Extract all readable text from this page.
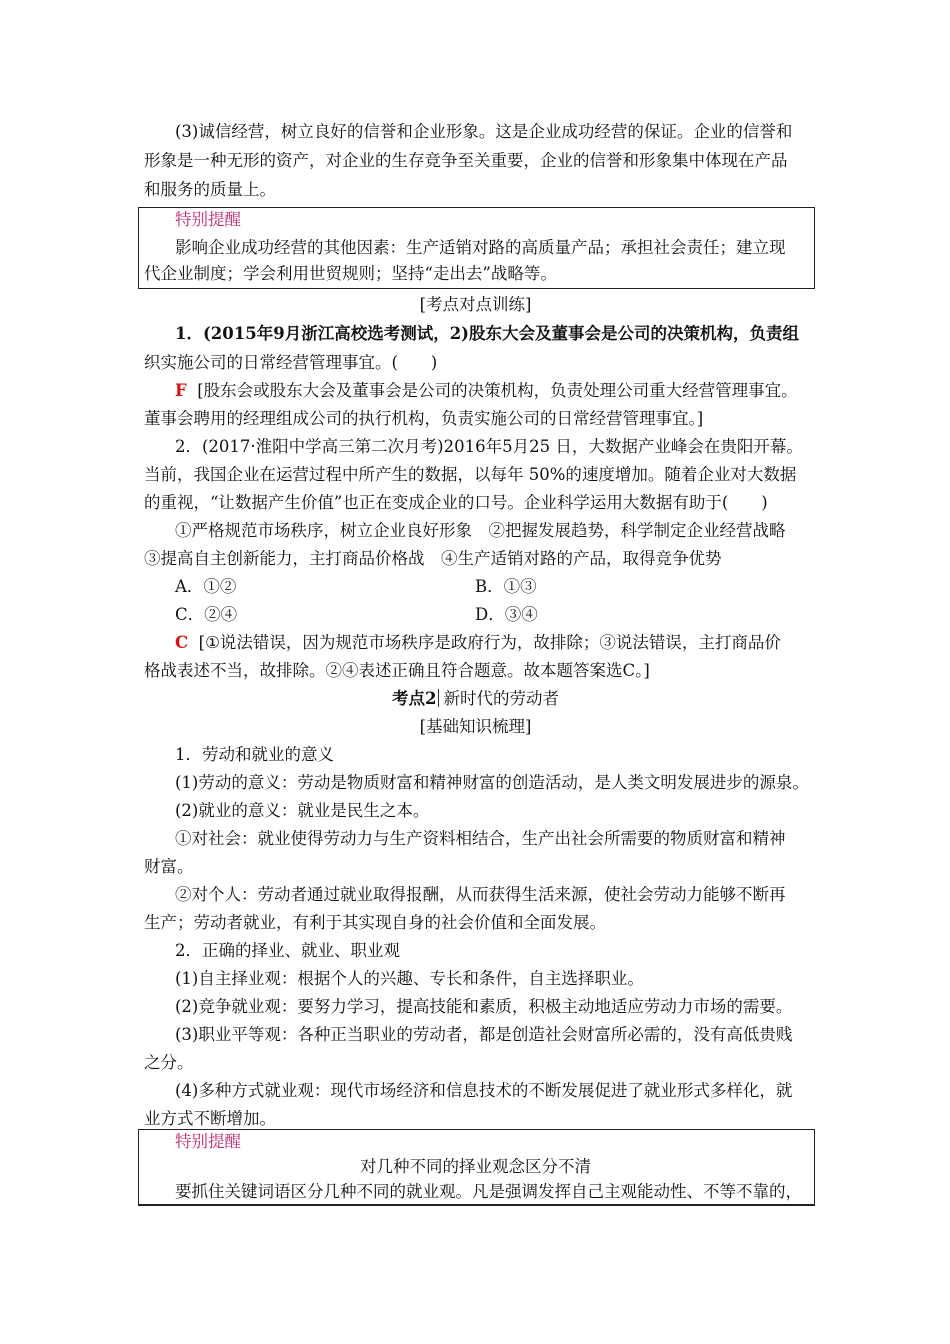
(3)诚信经营，树立良好的信誉和企业形象。这是企业成功经营的保证。企业的信誉和
形象是一种无形的资产，对企业的生存竞争至关重要，企业的信誉和形象集中体现在产品
和服务的质量上。
特别提醒
影响企业成功经营的其他因素：生产适销对路的高质量产品；承担社会责任；建立现
代企业制度；学会利用世贸规则；坚持“走出去”战略等。
[考点对点训练]
1．(2015年9月浙江高校选考测试，2)股东大会及董事会是公司的决策机构，负责组
织实施公司的日常经营管理事宜。(　　)
F [股东会或股东大会及董事会是公司的决策机构，负责处理公司重大经营管理事宜。
董事会聘用的经理组成公司的执行机构，负责实施公司的日常经营管理事宜。]
2．(2017·淮阳中学高三第二次月考)2016年5月25 日，大数据产业峰会在贵阳开幕。
当前，我国企业在运营过程中所产生的数据，以每年 50%的速度增加。随着企业对大数据
的重视，“让数据产生价值”也正在变成企业的口号。企业科学运用大数据有助于(　　)
①严格规范市场秩序，树立企业良好形象　②把握发展趋势，科学制定企业经营战略
③提高自主创新能力，主打商品价格战　④生产适销对路的产品，取得竞争优势
A．①②	B．①③
C．②④	D．③④
C [①说法错误，因为规范市场秩序是政府行为，故排除；③说法错误，主打商品价
格战表述不当，故排除。②④表述正确且符合题意。故本题答案选C。]
考点2 新时代的劳动者
[基础知识梳理]
1．劳动和就业的意义
(1)劳动的意义：劳动是物质财富和精神财富的创造活动，是人类文明发展进步的源泉。
(2)就业的意义：就业是民生之本。
①对社会：就业使得劳动力与生产资料相结合，生产出社会所需要的物质财富和精神
财富。
②对个人：劳动者通过就业取得报酬，从而获得生活来源，使社会劳动力能够不断再
生产；劳动者就业，有利于其实现自身的社会价值和全面发展。
2．正确的择业、就业、职业观
(1)自主择业观：根据个人的兴趣、专长和条件，自主选择职业。
(2)竞争就业观：要努力学习，提高技能和素质，积极主动地适应劳动力市场的需要。
(3)职业平等观：各种正当职业的劳动者，都是创造社会财富所必需的，没有高低贵贱
之分。
(4)多种方式就业观：现代市场经济和信息技术的不断发展促进了就业形式多样化，就
业方式不断增加。
特别提醒
对几种不同的择业观念区分不清
要抓住关键词语区分几种不同的就业观。凡是强调发挥自己主观能动性、不等不靠的，
